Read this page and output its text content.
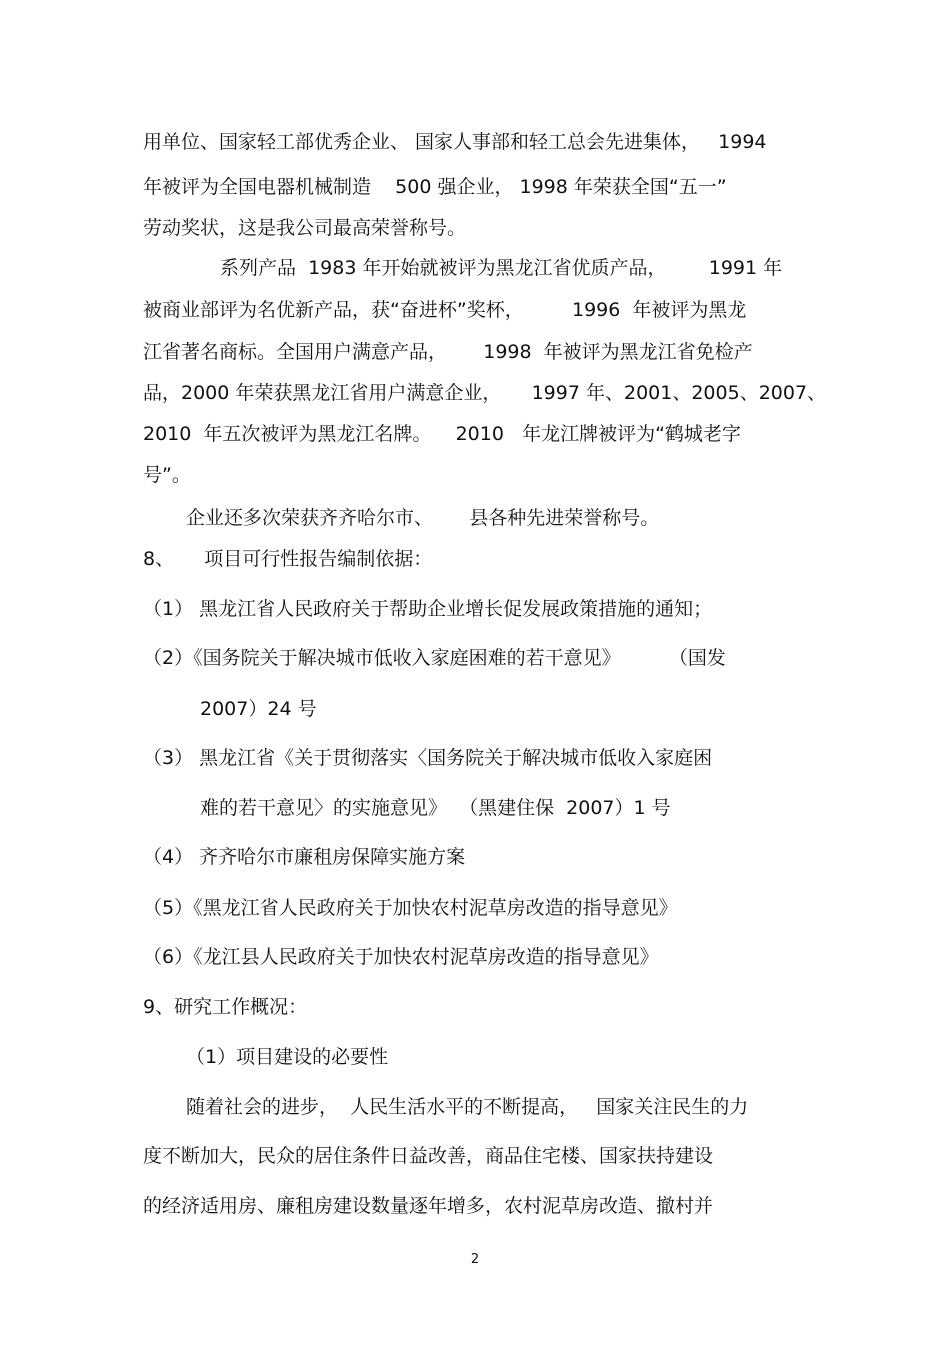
用单位、国家轻工部优秀企业、 国家人事部和轻工总会先进集体，   1994
年被评为全国电器机械制造    500 强企业， 1998 年荣获全国“五一”
劳动奖状，这是我公司最高荣誉称号。
系列产品  1983 年开始就被评为黑龙江省优质产品，       1991 年
被商业部评为名优新产品，获“奋进杯”奖杯，        1996  年被评为黑龙
江省著名商标。全国用户满意产品，      1998  年被评为黑龙江省免检产
品，2000 年荣获黑龙江省用户满意企业，     1997 年、2001、2005、2007、
2010  年五次被评为黑龙江名牌。    2010   年龙江牌被评为“鹤城老字
号”。
企业还多次荣获齐齐哈尔市、      县各种先进荣誉称号。
8、     项目可行性报告编制依据：
（1） 黑龙江省人民政府关于帮助企业增长促发展政策措施的通知；
（2）《国务院关于解决城市低收入家庭困难的若干意见》        （国发
2007）24 号
（3） 黑龙江省《关于贯彻落实〈国务院关于解决城市低收入家庭困
难的若干意见〉的实施意见》  （黑建住保  2007）1 号
（4） 齐齐哈尔市廉租房保障实施方案
（5）《黑龙江省人民政府关于加快农村泥草房改造的指导意见》
（6）《龙江县人民政府关于加快农村泥草房改造的指导意见》
9、研究工作概况：
（1）项目建设的必要性
随着社会的进步，  人民生活水平的不断提高，   国家关注民生的力
度不断加大，民众的居住条件日益改善，商品住宅楼、国家扶持建设
的经济适用房、廉租房建设数量逐年增多，农村泥草房改造、撤村并
2
